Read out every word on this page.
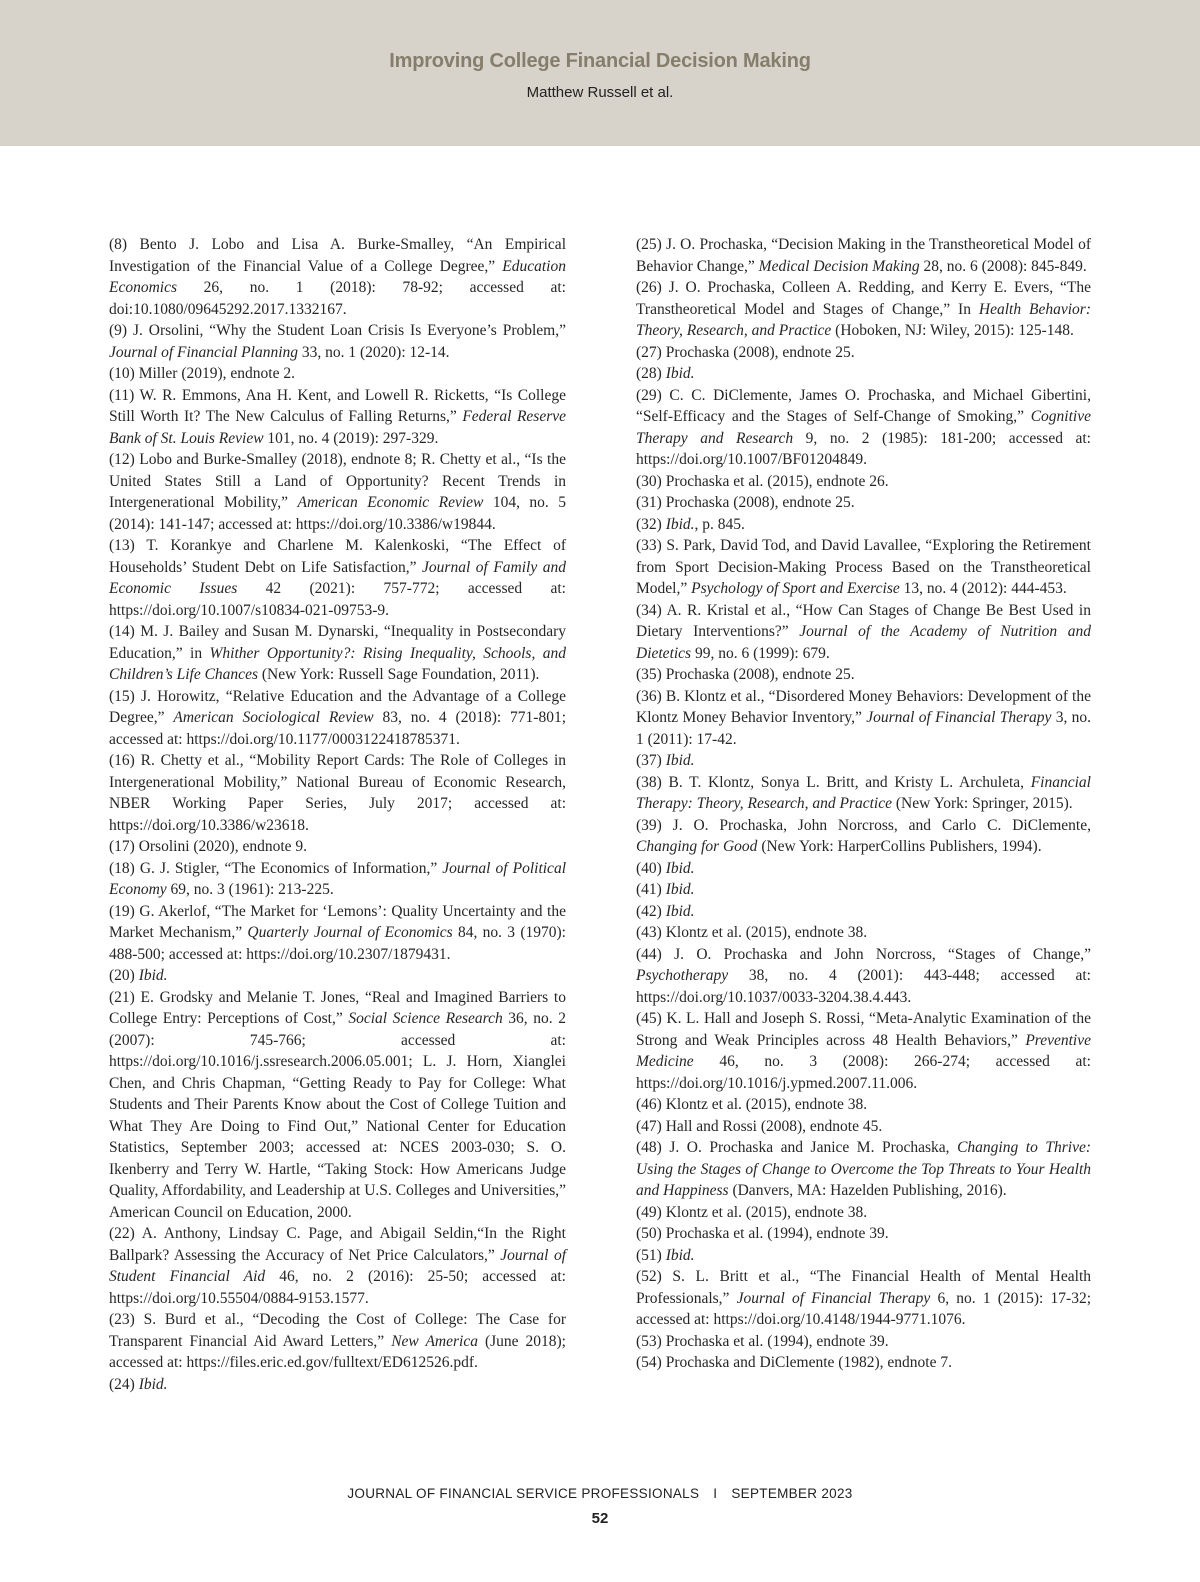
Improving College Financial Decision Making
Matthew Russell et al.

(8) Bento J. Lobo and Lisa A. Burke-Smalley, “An Empirical Investigation of the Financial Value of a College Degree,” Education Economics 26, no. 1 (2018): 78-92; accessed at: doi:10.1080/09645292.2017.1332167.

(9) J. Orsolini, “Why the Student Loan Crisis Is Everyone’s Problem,” Journal of Financial Planning 33, no. 1 (2020): 12-14.

(10) Miller (2019), endnote 2.

(11) W. R. Emmons, Ana H. Kent, and Lowell R. Ricketts, “Is College Still Worth It? The New Calculus of Falling Returns,” Federal Reserve Bank of St. Louis Review 101, no. 4 (2019): 297-329.

(12) Lobo and Burke-Smalley (2018), endnote 8; R. Chetty et al., “Is the United States Still a Land of Opportunity? Recent Trends in Intergenerational Mobility,” American Economic Review 104, no. 5 (2014): 141-147; accessed at: https://doi.org/10.3386/w19844.

(13) T. Korankye and Charlene M. Kalenkoski, “The Effect of Households’ Student Debt on Life Satisfaction,” Journal of Family and Economic Issues 42 (2021): 757-772; accessed at: https://doi.org/10.1007/s10834-021-09753-9.

(14) M. J. Bailey and Susan M. Dynarski, “Inequality in Postsecondary Education,” in Whither Opportunity?: Rising Inequality, Schools, and Children’s Life Chances (New York: Russell Sage Foundation, 2011).

(15) J. Horowitz, “Relative Education and the Advantage of a College Degree,” American Sociological Review 83, no. 4 (2018): 771-801; accessed at: https://doi.org/10.1177/0003122418785371.

(16) R. Chetty et al., “Mobility Report Cards: The Role of Colleges in Intergenerational Mobility,” National Bureau of Economic Research, NBER Working Paper Series, July 2017; accessed at: https://doi.org/10.3386/w23618.

(17) Orsolini (2020), endnote 9.

(18) G. J. Stigler, “The Economics of Information,” Journal of Political Economy 69, no. 3 (1961): 213-225.

(19) G. Akerlof, “The Market for ‘Lemons’: Quality Uncertainty and the Market Mechanism,” Quarterly Journal of Economics 84, no. 3 (1970): 488-500; accessed at: https://doi.org/10.2307/1879431.

(20) Ibid.

(21) E. Grodsky and Melanie T. Jones, “Real and Imagined Barriers to College Entry: Perceptions of Cost,” Social Science Research 36, no. 2 (2007): 745-766; accessed at: https://doi.org/10.1016/j.ssresearch.2006.05.001; L. J. Horn, Xianglei Chen, and Chris Chapman, “Getting Ready to Pay for College: What Students and Their Parents Know about the Cost of College Tuition and What They Are Doing to Find Out,” National Center for Education Statistics, September 2003; accessed at: NCES 2003-030; S. O. Ikenberry and Terry W. Hartle, “Taking Stock: How Americans Judge Quality, Affordability, and Leadership at U.S. Colleges and Universities,” American Council on Education, 2000.

(22) A. Anthony, Lindsay C. Page, and Abigail Seldin,“In the Right Ballpark? Assessing the Accuracy of Net Price Calculators,” Journal of Student Financial Aid 46, no. 2 (2016): 25-50; accessed at: https://doi.org/10.55504/0884-9153.1577.

(23) S. Burd et al., “Decoding the Cost of College: The Case for Transparent Financial Aid Award Letters,” New America (June 2018); accessed at: https://files.eric.ed.gov/fulltext/ED612526.pdf.

(24) Ibid.

(25) J. O. Prochaska, “Decision Making in the Transtheoretical Model of Behavior Change,” Medical Decision Making 28, no. 6 (2008): 845-849.

(26) J. O. Prochaska, Colleen A. Redding, and Kerry E. Evers, “The Transtheoretical Model and Stages of Change,” In Health Behavior: Theory, Research, and Practice (Hoboken, NJ: Wiley, 2015): 125-148.

(27) Prochaska (2008), endnote 25.

(28) Ibid.

(29) C. C. DiClemente, James O. Prochaska, and Michael Gibertini, “Self-Efficacy and the Stages of Self-Change of Smoking,” Cognitive Therapy and Research 9, no. 2 (1985): 181-200; accessed at: https://doi.org/10.1007/BF01204849.

(30) Prochaska et al. (2015), endnote 26.

(31) Prochaska (2008), endnote 25.

(32) Ibid., p. 845.

(33) S. Park, David Tod, and David Lavallee, “Exploring the Retirement from Sport Decision-Making Process Based on the Transtheoretical Model,” Psychology of Sport and Exercise 13, no. 4 (2012): 444-453.

(34) A. R. Kristal et al., “How Can Stages of Change Be Best Used in Dietary Interventions?” Journal of the Academy of Nutrition and Dietetics 99, no. 6 (1999): 679.

(35) Prochaska (2008), endnote 25.

(36) B. Klontz et al., “Disordered Money Behaviors: Development of the Klontz Money Behavior Inventory,” Journal of Financial Therapy 3, no. 1 (2011): 17-42.

(37) Ibid.

(38) B. T. Klontz, Sonya L. Britt, and Kristy L. Archuleta, Financial Therapy: Theory, Research, and Practice (New York: Springer, 2015).

(39) J. O. Prochaska, John Norcross, and Carlo C. DiClemente, Changing for Good (New York: HarperCollins Publishers, 1994).

(40) Ibid.

(41) Ibid.

(42) Ibid.

(43) Klontz et al. (2015), endnote 38.

(44) J. O. Prochaska and John Norcross, “Stages of Change,” Psychotherapy 38, no. 4 (2001): 443-448; accessed at: https://doi.org/10.1037/0033-3204.38.4.443.

(45) K. L. Hall and Joseph S. Rossi, “Meta-Analytic Examination of the Strong and Weak Principles across 48 Health Behaviors,” Preventive Medicine 46, no. 3 (2008): 266-274; accessed at: https://doi.org/10.1016/j.ypmed.2007.11.006.

(46) Klontz et al. (2015), endnote 38.

(47) Hall and Rossi (2008), endnote 45.

(48) J. O. Prochaska and Janice M. Prochaska, Changing to Thrive: Using the Stages of Change to Overcome the Top Threats to Your Health and Happiness (Danvers, MA: Hazelden Publishing, 2016).

(49) Klontz et al. (2015), endnote 38.

(50) Prochaska et al. (1994), endnote 39.

(51) Ibid.

(52) S. L. Britt et al., “The Financial Health of Mental Health Professionals,” Journal of Financial Therapy 6, no. 1 (2015): 17-32; accessed at: https://doi.org/10.4148/1944-9771.1076.

(53) Prochaska et al. (1994), endnote 39.

(54) Prochaska and DiClemente (1982), endnote 7.

JOURNAL OF FINANCIAL SERVICE PROFESSIONALS I SEPTEMBER 2023
52
